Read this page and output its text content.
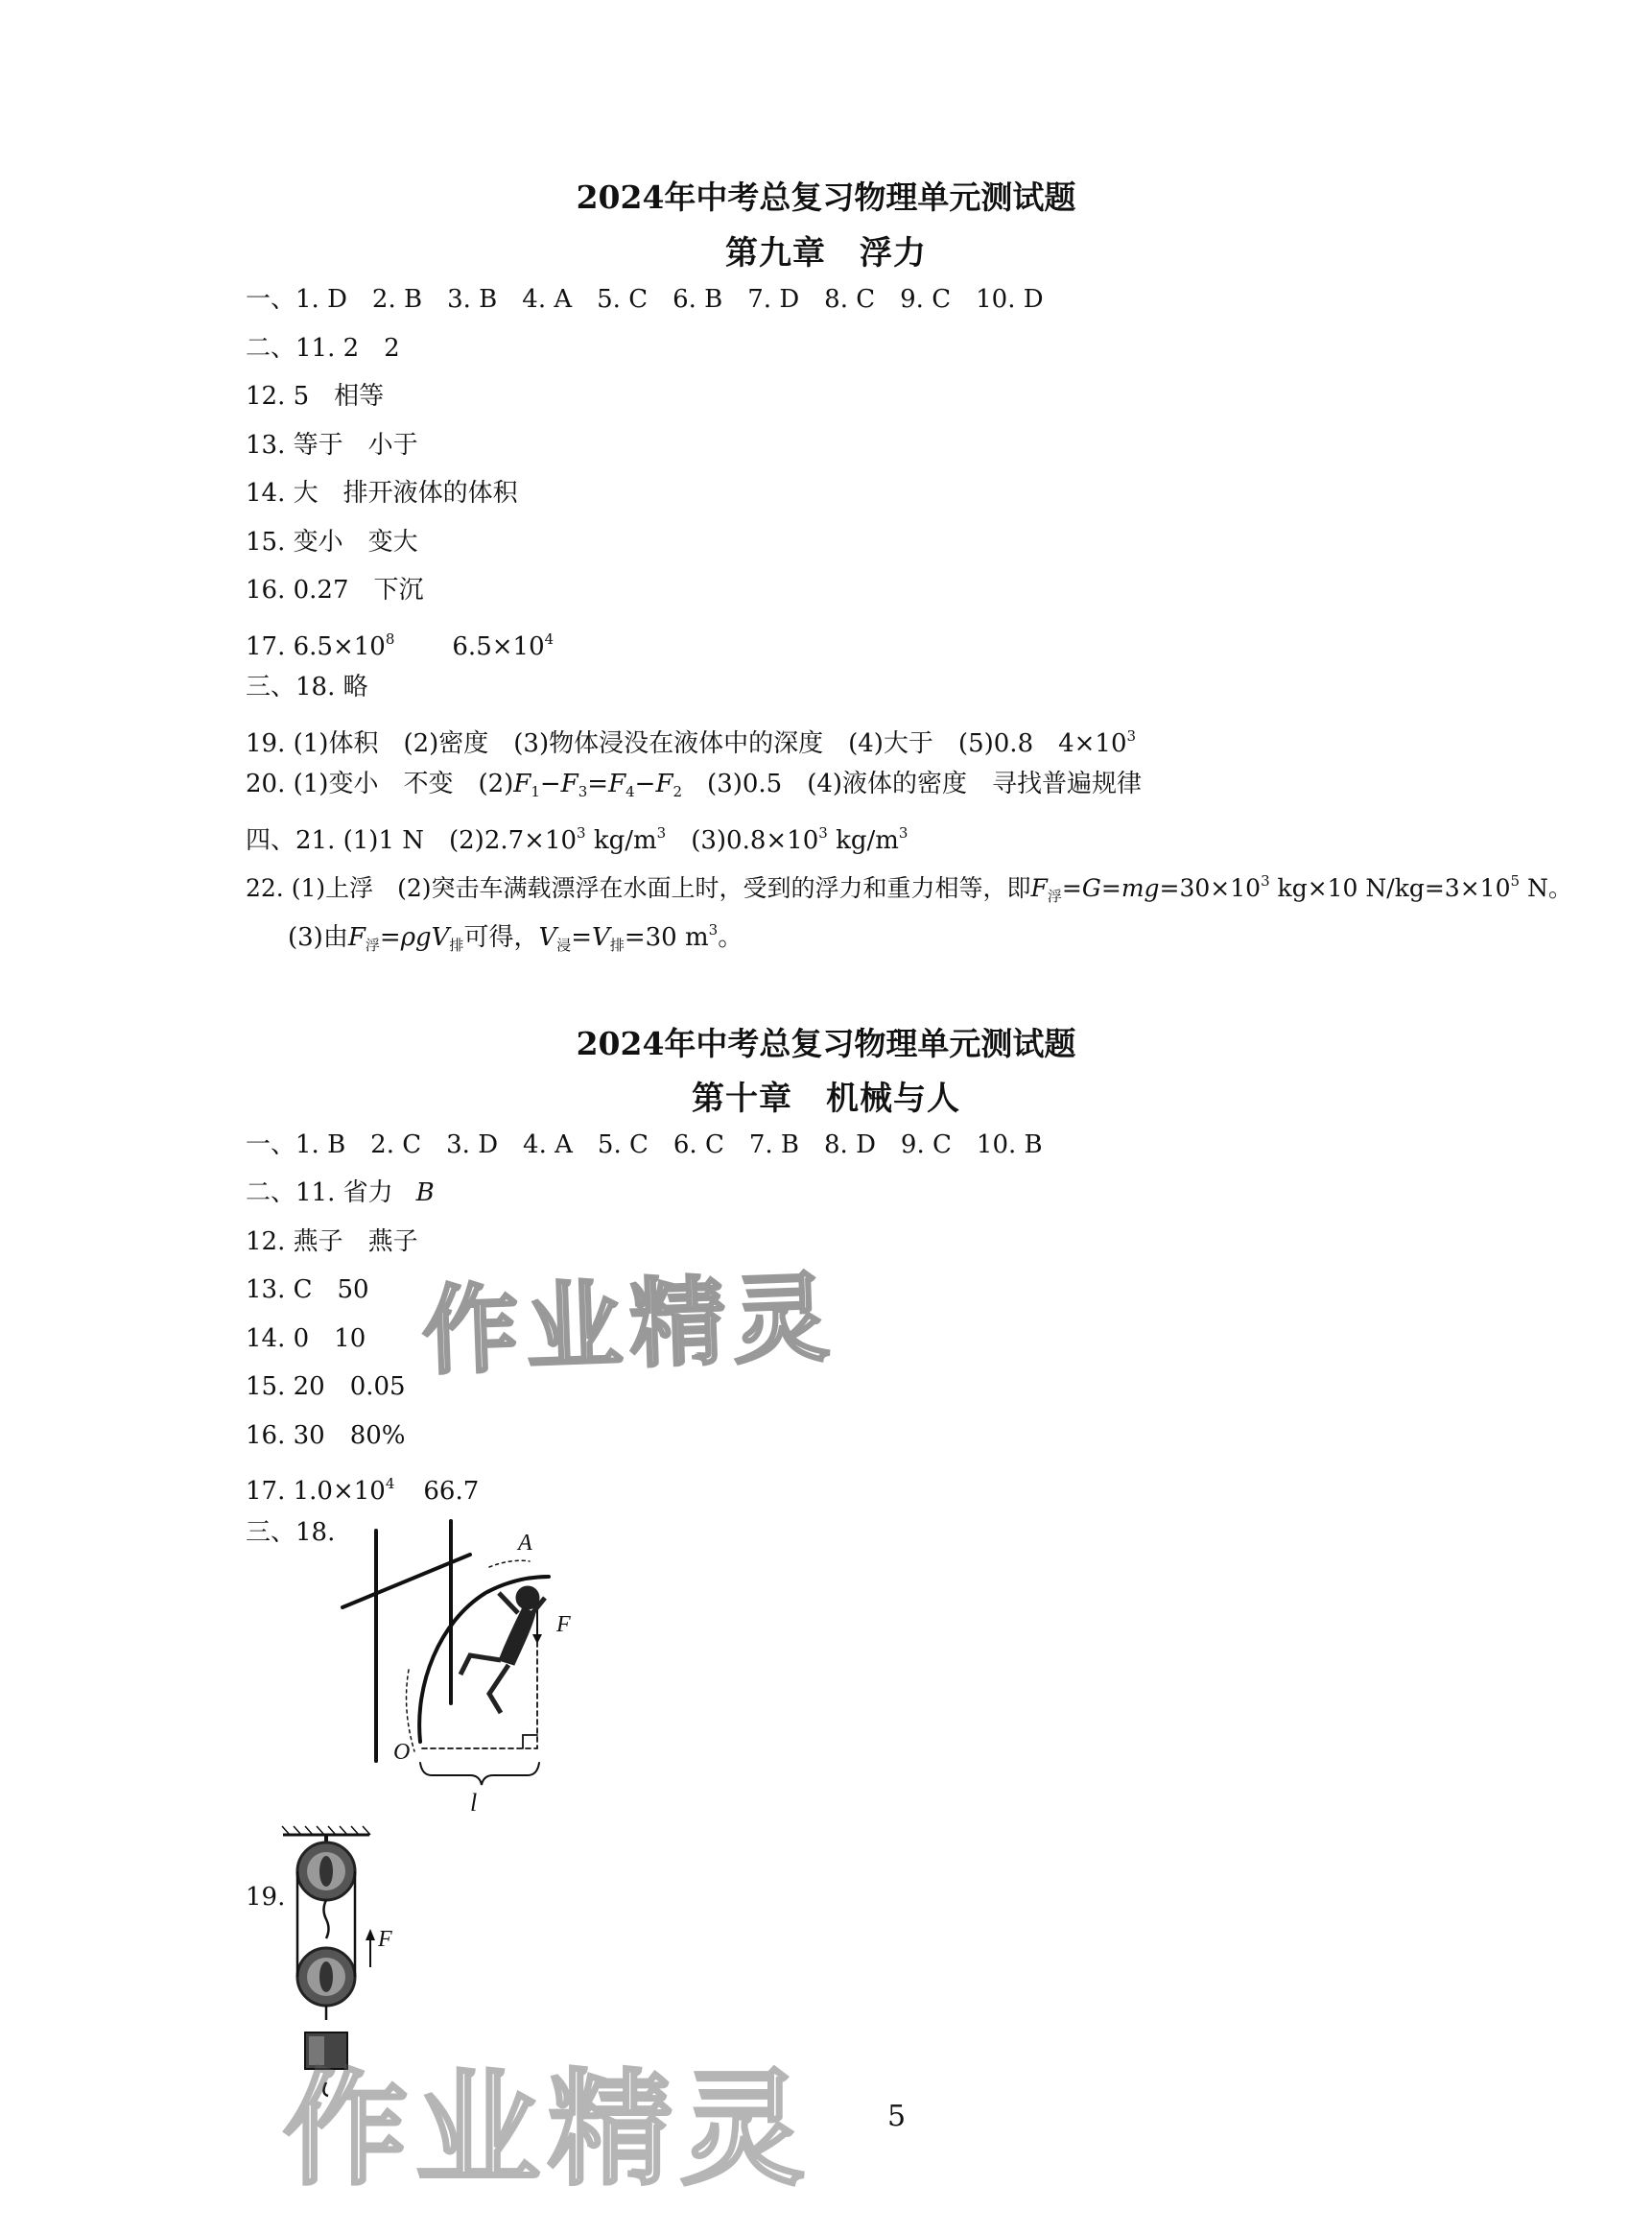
2024年中考总复习物理单元测试题
第九章　浮力
一、1. D　2. B　3. B　4. A　5. C　6. B　7. D　8. C　9. C　10. D
二、11. 2　2
12. 5　相等
13. 等于　小于
14. 大　排开液体的体积
15. 变小　变大
16. 0.27　下沉
17. $6.5\times 10^8$ $6.5\times 10^4$
三、18. 略
19. (1)体积　(2)密度　(3)物体浸没在液体中的深度　(4)大于　(5)0.8　$4\times 10^3$
20. (1)变小　不变　$(2)F_1-F_3=F_4-F_2$　(3)0.5　(4)液体的密度　寻找普遍规律
四、21. (1)1 N　$(2)2.7\times 10^3$ $kg/m^3$　$(3)0.8\times 10^3$ $kg/m^3$
22. (1)上浮　(2)突击车满载漂浮在水面上时，受到的浮力和重力相等，即$F_浮=G=mg=30\times 10^3$ kg×10 $N/kg=3\times 10^5$ N。
(3)由$F_浮=\rho gV_排$可得，$V_浸=V_排=30$ $m^3$。
2024年中考总复习物理单元测试题
第十章　机械与人
一、1. B　2. C　3. D　4. A　5. C　6. C　7. B　8. D　9. C　10. B
二、11. 省力 B
12. 燕子　燕子
13. C　50
14. 0　10
15. 20　0.05
16. 30　80%
17. $1.0\times 10^4$ 66.7
三、18.
19.
A
F
O
l
F
作业精灵
作业精灵	5
